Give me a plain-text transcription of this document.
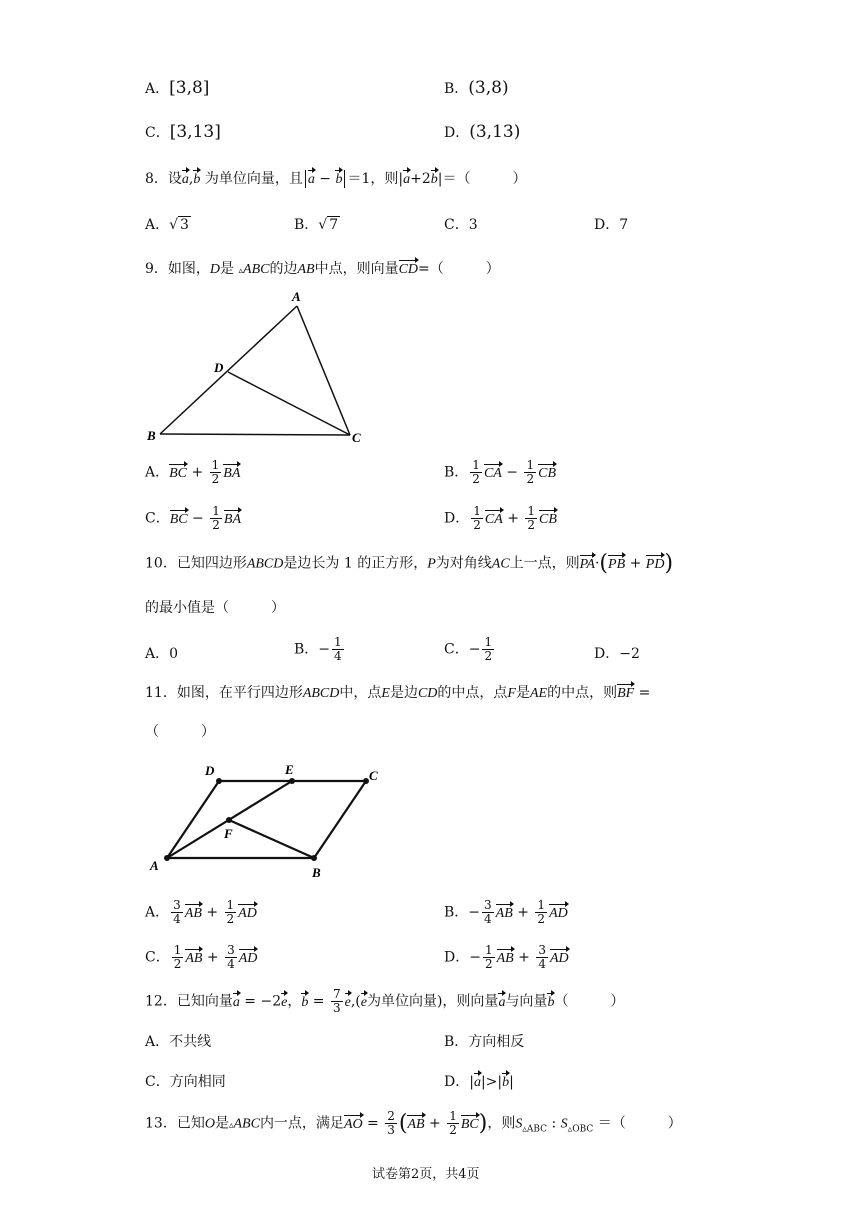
A．[3,8]	B．(3,8)
C．[3,13]	D．(3,13)
8．设a,b 为单位向量，且 a − b ＝1，则|a+2b|＝（　　　）
A．√ 3	B．√ 7	C．3	D．7
9．如图，D是 ▵ABC的边AB中点，则向量CD=（　　　）
A
B	C
D
A．BC + $\frac{1}{2}$ BA	B． $\frac{1}{2}$ CA − $\frac{1}{2}$ CB
C．BC − $\frac{1}{2}$ BA	D． $\frac{1}{2}$ CA + $\frac{1}{2}$ CB
10．已知四边形ABCD是边长为 1 的正方形，P为对角线AC上一点，则PA·(PB + PD)
的最小值是（　　　）
A．0	B．− $\frac{1}{4}$	C．− $\frac{1}{2}$	D．−2
11．如图，在平行四边形ABCD中，点E是边CD的中点，点F是AE的中点，则BF =
（　　　）
D	E	C
F
A	B
A． $\frac{3}{4}$ AB + $\frac{1}{2}$ AD	B．− $\frac{3}{4}$ AB + $\frac{1}{2}$ AD
C． $\frac{1}{2}$ AB + $\frac{3}{4}$ AD	D．− $\frac{1}{2}$ AB + $\frac{3}{4}$ AD
12．已知向量a = −2e，$b = \frac{7}{3} e,(e$为单位向量)，则向量a与向量b（　　　）
A．不共线	B．方向相反
C．方向相同	D．|a|>|b|
13．已知O是▵ABC内一点，满足AO = $\frac{2}{3} (AB + \frac{1}{2} BC)$，则$S_{▵ABC}$ : $S_{▵OBC}$ ＝（　　　）
试卷第2页，共4页
